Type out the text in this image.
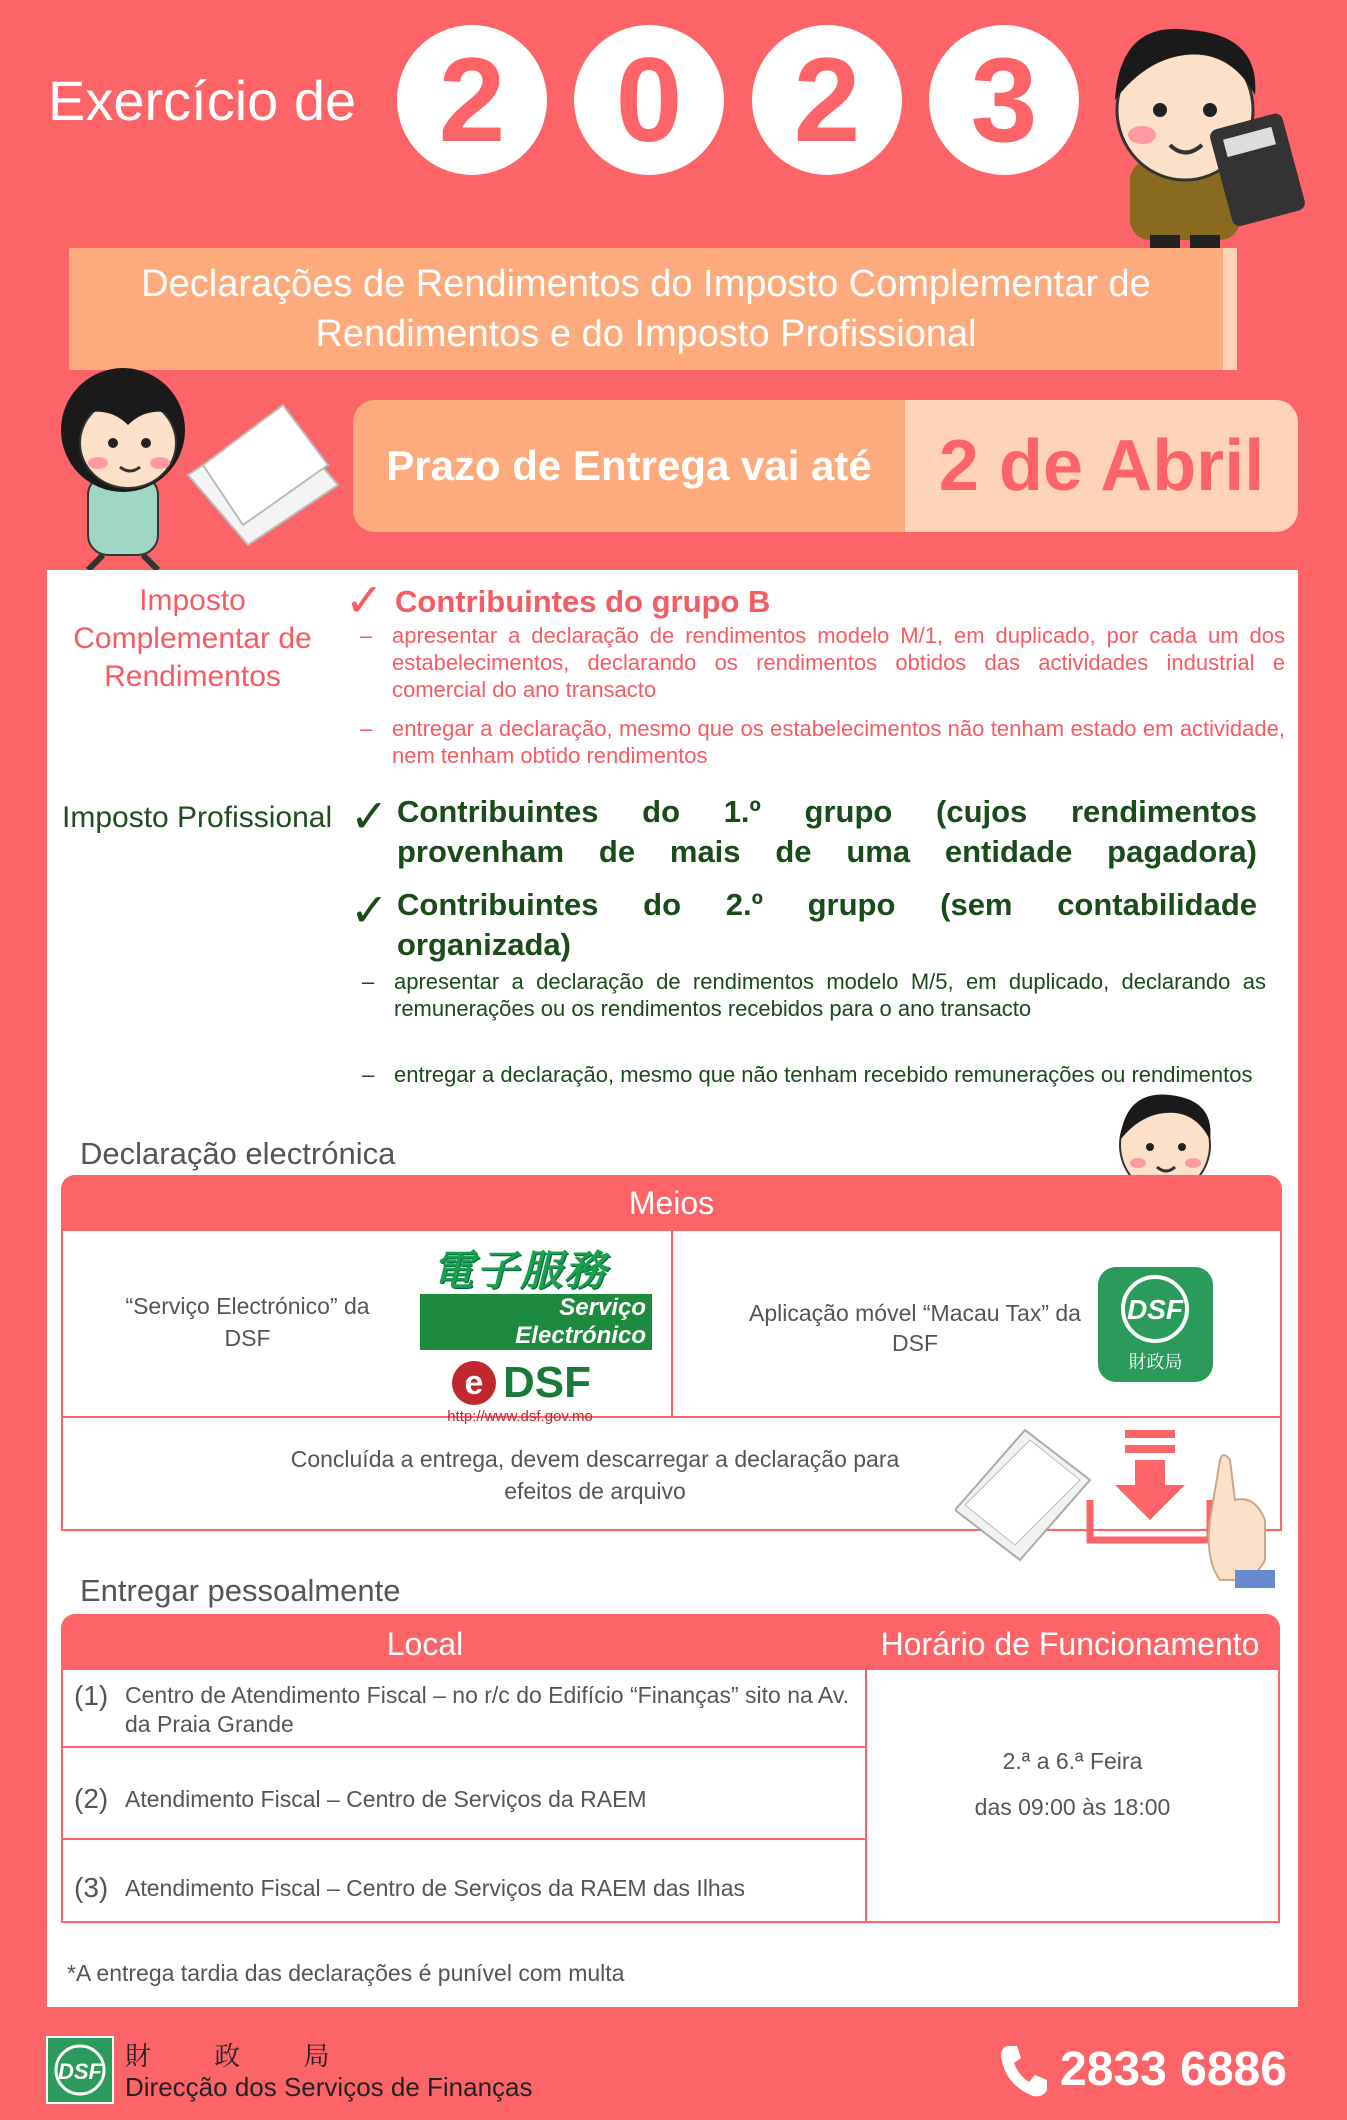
Exercício de 2 0 2 3
Declarações de Rendimentos do Imposto Complementar de Rendimentos e do Imposto Profissional
Prazo de Entrega vai até 2 de Abril
Imposto Complementar de Rendimentos
✓ Contribuintes do grupo B
– apresentar a declaração de rendimentos modelo M/1, em duplicado, por cada um dos estabelecimentos, declarando os rendimentos obtidos das actividades industrial e comercial do ano transacto
– entregar a declaração, mesmo que os estabelecimentos não tenham estado em actividade, nem tenham obtido rendimentos
Imposto Profissional ✓ Contribuintes do 1.º grupo (cujos rendimentos provenham de mais de uma entidade pagadora)
✓ Contribuintes do 2.º grupo (sem contabilidade organizada)
– apresentar a declaração de rendimentos modelo M/5, em duplicado, declarando as remunerações ou os rendimentos recebidos para o ano transacto
– entregar a declaração, mesmo que não tenham recebido remunerações ou rendimentos
Declaração electrónica
Meios
“Serviço Electrónico” da DSF
電子服務
Serviço Electrónico
e DSF
http://www.dsf.gov.mo
Aplicação móvel “Macau Tax” da DSF
DSF
財政局
Concluída a entrega, devem descarregar a declaração para efeitos de arquivo
Entregar pessoalmente
Local	Horário de Funcionamento
(1) Centro de Atendimento Fiscal – no r/c do Edifício “Finanças” sito na Av. da Praia Grande
(2) Atendimento Fiscal – Centro de Serviços da RAEM
(3) Atendimento Fiscal – Centro de Serviços da RAEM das Ilhas
2.ª a 6.ª Feira
das 09:00 às 18:00
*A entrega tardia das declarações é punível com multa
DSF
財 政 局
Direcção dos Serviços de Finanças	2833 6886
